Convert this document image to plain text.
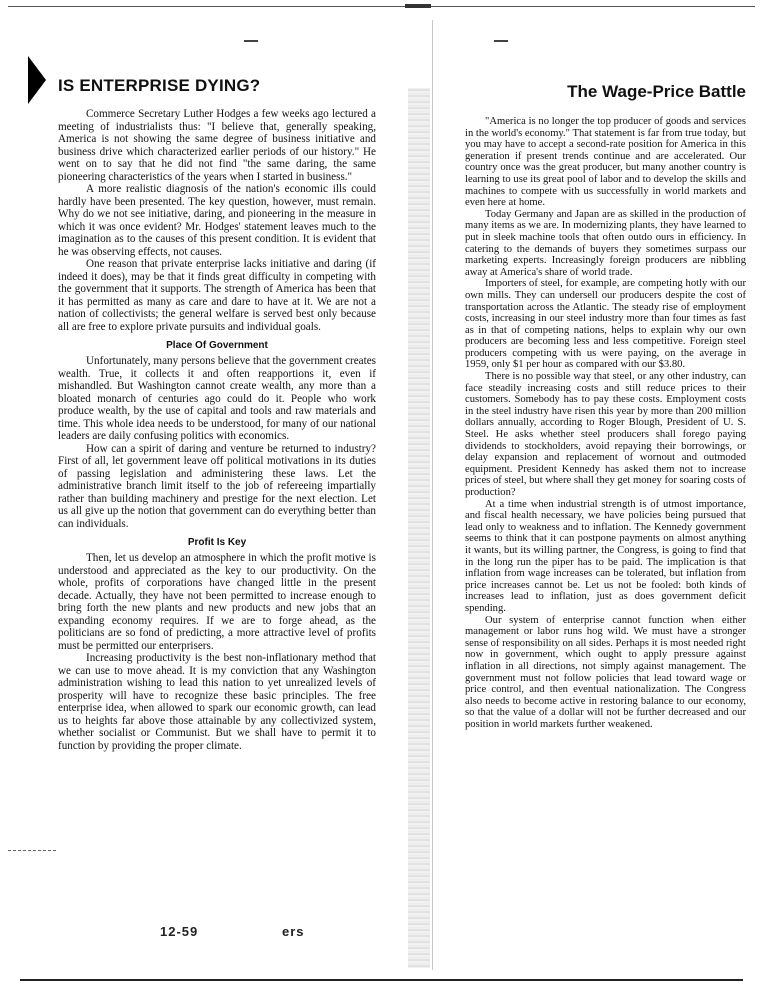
IS ENTERPRISE DYING?

Commerce Secretary Luther Hodges a few weeks ago lectured a meeting of industrialists thus: "I believe that, generally speaking, America is not showing the same degree of business initiative and business drive which characterized earlier periods of our history." He went on to say that he did not find "the same daring, the same pioneering characteristics of the years when I started in business."

A more realistic diagnosis of the nation's economic ills could hardly have been presented. The key question, however, must remain. Why do we not see initiative, daring, and pioneering in the measure in which it was once evident? Mr. Hodges' statement leaves much to the imagination as to the causes of this present condition. It is evident that he was observing effects, not causes.

One reason that private enterprise lacks initiative and daring (if indeed it does), may be that it finds great difficulty in competing with the government that it supports. The strength of America has been that it has permitted as many as care and dare to have at it. We are not a nation of collectivists; the general welfare is served best only because all are free to explore private pursuits and individual goals.

Place Of Government

Unfortunately, many persons believe that the government creates wealth. True, it collects it and often reapportions it, even if mishandled. But Washington cannot create wealth, any more than a bloated monarch of centuries ago could do it. People who work produce wealth, by the use of capital and tools and raw materials and time. This whole idea needs to be understood, for many of our national leaders are daily confusing politics with economics.

How can a spirit of daring and venture be returned to industry? First of all, let government leave off political motivations in its duties of passing legislation and administering these laws. Let the administrative branch limit itself to the job of refereeing impartially rather than building machinery and prestige for the next election. Let us all give up the notion that government can do everything better than can individuals.

Profit Is Key

Then, let us develop an atmosphere in which the profit motive is understood and appreciated as the key to our productivity. On the whole, profits of corporations have changed little in the present decade. Actually, they have not been permitted to increase enough to bring forth the new plants and new products and new jobs that an expanding economy requires. If we are to forge ahead, as the politicians are so fond of predicting, a more attractive level of profits must be permitted our enterprisers.

Increasing productivity is the best non-inflationary method that we can use to move ahead. It is my conviction that any Washington administration wishing to lead this nation to yet unrealized levels of prosperity will have to recognize these basic principles. The free enterprise idea, when allowed to spark our economic growth, can lead us to heights far above those attainable by any collectivized system, whether socialist or Communist. But we shall have to permit it to function by providing the proper climate.

12-59	ers
The Wage-Price Battle

"America is no longer the top producer of goods and services in the world's economy." That statement is far from true today, but you may have to accept a second-rate position for America in this generation if present trends continue and are accelerated. Our country once was the great producer, but many another country is learning to use its great pool of labor and to develop the skills and machines to compete with us successfully in world markets and even here at home.

Today Germany and Japan are as skilled in the production of many items as we are. In modernizing plants, they have learned to put in sleek machine tools that often outdo ours in efficiency. In catering to the demands of buyers they sometimes surpass our marketing experts. Increasingly foreign producers are nibbling away at America's share of world trade.

Importers of steel, for example, are competing hotly with our own mills. They can undersell our producers despite the cost of transportation across the Atlantic. The steady rise of employment costs, increasing in our steel industry more than four times as fast as in that of competing nations, helps to explain why our own producers are becoming less and less competitive. Foreign steel producers competing with us were paying, on the average in 1959, only $1 per hour as compared with our $3.80.

There is no possible way that steel, or any other industry, can face steadily increasing costs and still reduce prices to their customers. Somebody has to pay these costs. Employment costs in the steel industry have risen this year by more than 200 million dollars annually, according to Roger Blough, President of U. S. Steel. He asks whether steel producers shall forego paying dividends to stockholders, avoid repaying their borrowings, or delay expansion and replacement of wornout and outmoded equipment. President Kennedy has asked them not to increase prices of steel, but where shall they get money for soaring costs of production?

At a time when industrial strength is of utmost importance, and fiscal health necessary, we have policies being pursued that lead only to weakness and to inflation. The Kennedy government seems to think that it can postpone payments on almost anything it wants, but its willing partner, the Congress, is going to find that in the long run the piper has to be paid. The implication is that inflation from wage increases can be tolerated, but inflation from price increases cannot be. Let us not be fooled: both kinds of increases lead to inflation, just as does government deficit spending.

Our system of enterprise cannot function when either management or labor runs hog wild. We must have a stronger sense of responsibility on all sides. Perhaps it is most needed right now in government, which ought to apply pressure against inflation in all directions, not simply against management. The government must not follow policies that lead toward wage or price control, and then eventual nationalization. The Congress also needs to become active in restoring balance to our economy, so that the value of a dollar will not be further decreased and our position in world markets further weakened.
